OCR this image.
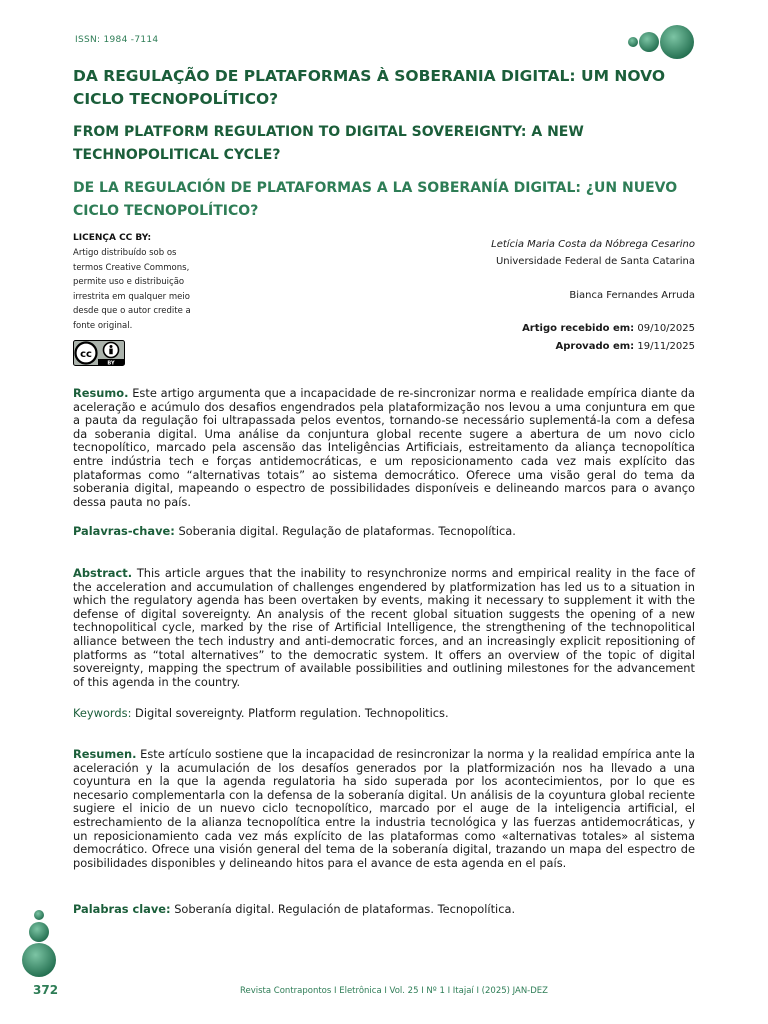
ISSN: 1984 -7114
DA REGULAÇÃO DE PLATAFORMAS À SOBERANIA DIGITAL: UM NOVO CICLO TECNOPOLÍTICO?
FROM PLATFORM REGULATION TO DIGITAL SOVEREIGNTY: A NEW TECHNOPOLITICAL CYCLE?
DE LA REGULACIÓN DE PLATAFORMAS A LA SOBERANÍA DIGITAL: ¿UN NUEVO CICLO TECNOPOLÍTICO?
LICENÇA CC BY:
Artigo distribuído sob os termos Creative Commons, permite uso e distribuição irrestrita em qualquer meio desde que o autor credite a fonte original.
cc
BY
Letícia Maria Costa da Nóbrega Cesarino
Universidade Federal de Santa Catarina
Bianca Fernandes Arruda
Artigo recebido em: 09/10/2025
Aprovado em: 19/11/2025

Resumo. Este artigo argumenta que a incapacidade de re-sincronizar norma e realidade empírica diante da aceleração e acúmulo dos desafios engendrados pela plataformização nos levou a uma conjuntura em que a pauta da regulação foi ultrapassada pelos eventos, tornando-se necessário suplementá-la com a defesa da soberania digital. Uma análise da conjuntura global recente sugere a abertura de um novo ciclo tecnopolítico, marcado pela ascensão das Inteligências Artificiais, estreitamento da aliança tecnopolítica entre indústria tech e forças antidemocráticas, e um reposicionamento cada vez mais explícito das plataformas como “alternativas totais” ao sistema democrático. Oferece uma visão geral do tema da soberania digital, mapeando o espectro de possibilidades disponíveis e delineando marcos para o avanço dessa pauta no país.

Palavras-chave: Soberania digital. Regulação de plataformas. Tecnopolítica.

Abstract. This article argues that the inability to resynchronize norms and empirical reality in the face of the acceleration and accumulation of challenges engendered by platformization has led us to a situation in which the regulatory agenda has been overtaken by events, making it necessary to supplement it with the defense of digital sovereignty. An analysis of the recent global situation suggests the opening of a new technopolitical cycle, marked by the rise of Artificial Intelligence, the strengthening of the technopolitical alliance between the tech industry and anti-democratic forces, and an increasingly explicit repositioning of platforms as “total alternatives” to the democratic system. It offers an overview of the topic of digital sovereignty, mapping the spectrum of available possibilities and outlining milestones for the advancement of this agenda in the country.

Keywords: Digital sovereignty. Platform regulation. Technopolitics.

Resumen. Este artículo sostiene que la incapacidad de resincronizar la norma y la realidad empírica ante la aceleración y la acumulación de los desafíos generados por la platformización nos ha llevado a una coyuntura en la que la agenda regulatoria ha sido superada por los acontecimientos, por lo que es necesario complementarla con la defensa de la soberanía digital. Un análisis de la coyuntura global reciente sugiere el inicio de un nuevo ciclo tecnopolítico, marcado por el auge de la inteligencia artificial, el estrechamiento de la alianza tecnopolítica entre la industria tecnológica y las fuerzas antidemocráticas, y un reposicionamiento cada vez más explícito de las plataformas como «alternativas totales» al sistema democrático. Ofrece una visión general del tema de la soberanía digital, trazando un mapa del espectro de posibilidades disponibles y delineando hitos para el avance de esta agenda en el país.

Palabras clave: Soberanía digital. Regulación de plataformas. Tecnopolítica.

372	Revista Contrapontos I Eletrônica I Vol. 25 I Nº 1 I Itajaí I (2025) JAN-DEZ
